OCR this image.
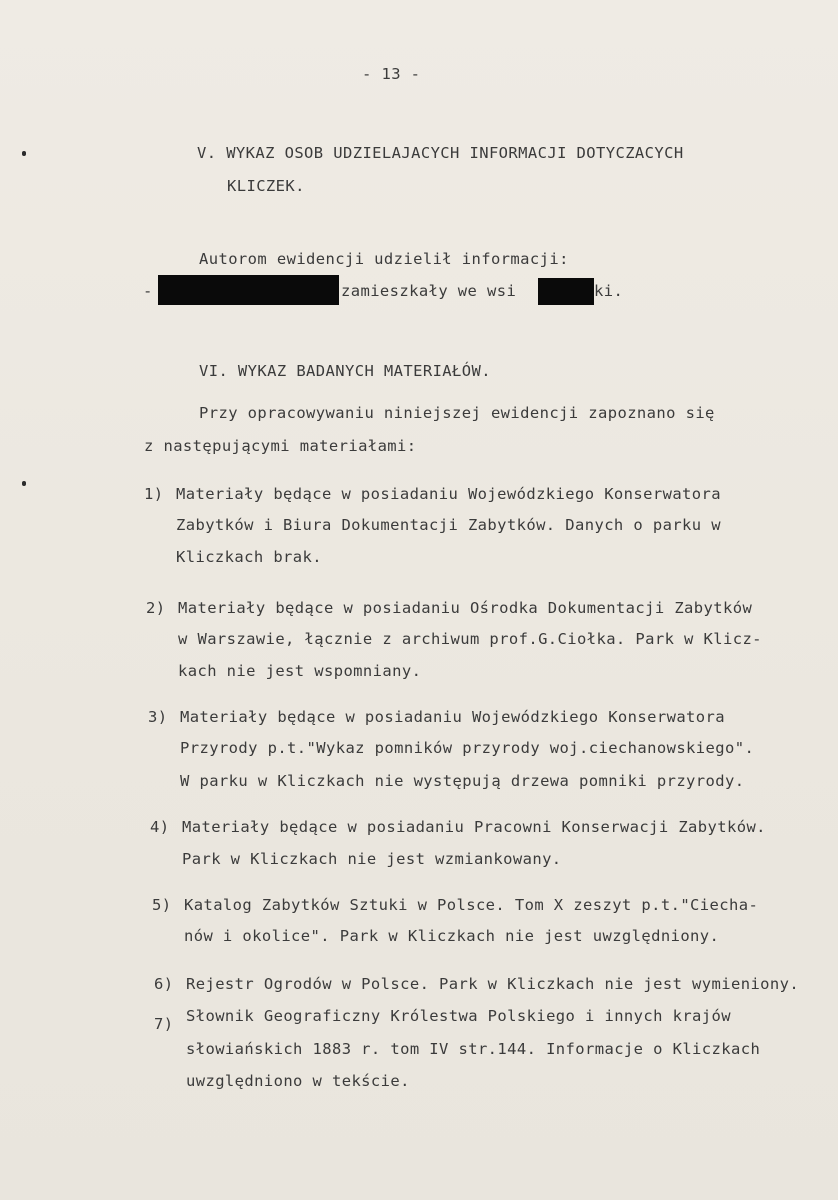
- 13 -
V. WYKAZ OSOB UDZIELAJACYCH INFORMACJI DOTYCZACYCH
KLICZEK.
Autorom ewidencji udzielił informacji:
-	zamieszkały we wsi	ki.
VI. WYKAZ BADANYCH MATERIAŁÓW.
Przy opracowywaniu niniejszej ewidencji zapoznano się
z następującymi materiałami:
1) Materiały będące w posiadaniu Wojewódzkiego Konserwatora
Zabytków i Biura Dokumentacji Zabytków. Danych o parku w
Kliczkach brak.
2) Materiały będące w posiadaniu Ośrodka Dokumentacji Zabytków
w Warszawie, łącznie z archiwum prof.G.Ciołka. Park w Klicz-
kach nie jest wspomniany.
3) Materiały będące w posiadaniu Wojewódzkiego Konserwatora
Przyrody p.t."Wykaz pomników przyrody woj.ciechanowskiego".
W parku w Kliczkach nie występują drzewa pomniki przyrody.
4) Materiały będące w posiadaniu Pracowni Konserwacji Zabytków.
Park w Kliczkach nie jest wzmiankowany.
5) Katalog Zabytków Sztuki w Polsce. Tom X zeszyt p.t."Ciecha-
nów i okolice". Park w Kliczkach nie jest uwzględniony.
6) Rejestr Ogrodów w Polsce. Park w Kliczkach nie jest wymieniony.
7) Słownik Geograficzny Królestwa Polskiego i innych krajów
słowiańskich 1883 r. tom IV str.144. Informacje o Kliczkach
uwzględniono w tekście.
